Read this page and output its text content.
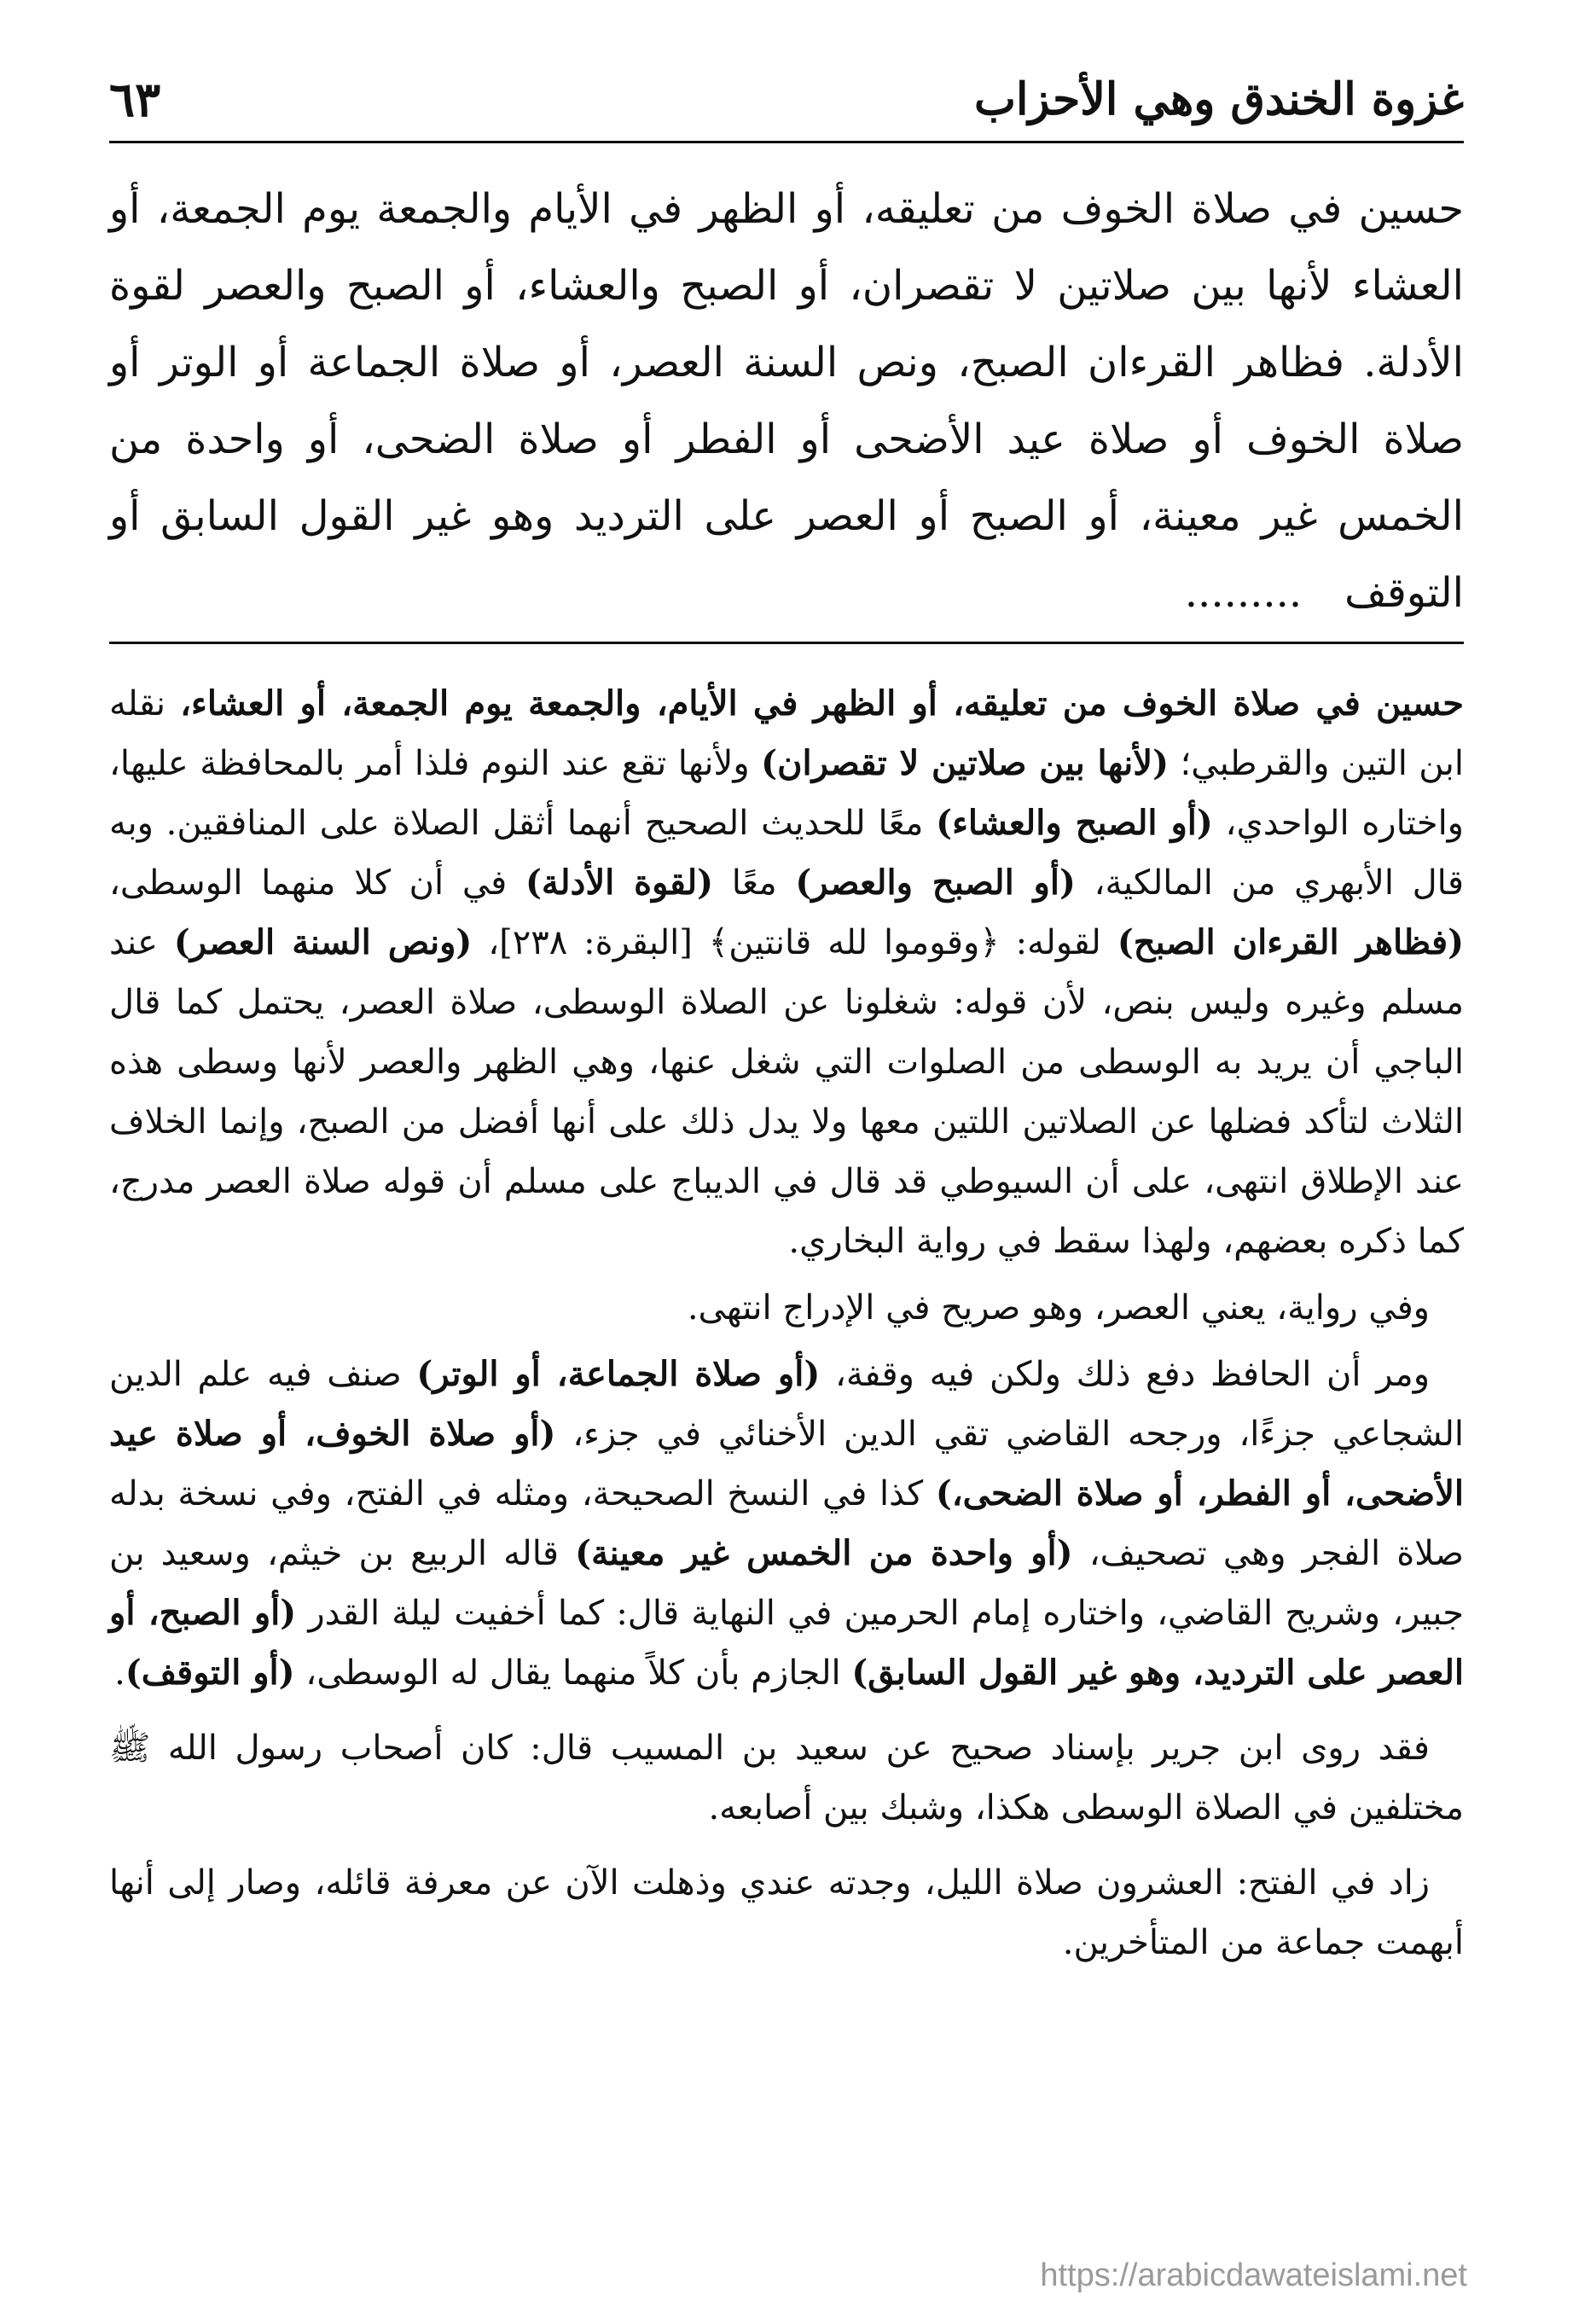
غزوة الخندق وهي الأحزاب
٦٣
حسين في صلاة الخوف من تعليقه، أو الظهر في الأيام والجمعة يوم الجمعة، أو العشاء لأنها بين صلاتين لا تقصران، أو الصبح والعشاء، أو الصبح والعصر لقوة الأدلة. فظاهر القرءان الصبح، ونص السنة العصر، أو صلاة الجماعة أو الوتر أو صلاة الخوف أو صلاة عيد الأضحى أو الفطر أو صلاة الضحى، أو واحدة من الخمس غير معينة، أو الصبح أو العصر على الترديد وهو غير القول السابق أو التوقف.........

حسين في صلاة الخوف من تعليقه، أو الظهر في الأيام، والجمعة يوم الجمعة، أو العشاء، نقله ابن التين والقرطبي؛ (لأنها بين صلاتين لا تقصران) ولأنها تقع عند النوم فلذا أمر بالمحافظة عليها، واختاره الواحدي، (أو الصبح والعشاء) معًا للحديث الصحيح أنهما أثقل الصلاة على المنافقين. وبه قال الأبهري من المالكية، (أو الصبح والعصر) معًا (لقوة الأدلة) في أن كلا منهما الوسطى، (فظاهر القرءان الصبح) لقوله: ﴿وقوموا لله قانتين﴾ [البقرة: ٢٣٨]، (ونص السنة العصر) عند مسلم وغيره وليس بنص، لأن قوله: شغلونا عن الصلاة الوسطى، صلاة العصر، يحتمل كما قال الباجي أن يريد به الوسطى من الصلوات التي شغل عنها، وهي الظهر والعصر لأنها وسطى هذه الثلاث لتأكد فضلها عن الصلاتين اللتين معها ولا يدل ذلك على أنها أفضل من الصبح، وإنما الخلاف عند الإطلاق انتهى، على أن السيوطي قد قال في الديباج على مسلم أن قوله صلاة العصر مدرج، كما ذكره بعضهم، ولهذا سقط في رواية البخاري.

وفي رواية، يعني العصر، وهو صريح في الإدراج انتهى.

ومر أن الحافظ دفع ذلك ولكن فيه وقفة، (أو صلاة الجماعة، أو الوتر) صنف فيه علم الدين الشجاعي جزءًا، ورجحه القاضي تقي الدين الأخنائي في جزء، (أو صلاة الخوف، أو صلاة عيد الأضحى، أو الفطر، أو صلاة الضحى،) كذا في النسخ الصحيحة، ومثله في الفتح، وفي نسخة بدله صلاة الفجر وهي تصحيف، (أو واحدة من الخمس غير معينة) قاله الربيع بن خيثم، وسعيد بن جبير، وشريح القاضي، واختاره إمام الحرمين في النهاية قال: كما أخفيت ليلة القدر (أو الصبح، أو العصر على الترديد، وهو غير القول السابق) الجازم بأن كلاً منهما يقال له الوسطى، (أو التوقف).

فقد روى ابن جرير بإسناد صحيح عن سعيد بن المسيب قال: كان أصحاب رسول الله ﷺ مختلفين في الصلاة الوسطى هكذا، وشبك بين أصابعه.

زاد في الفتح: العشرون صلاة الليل، وجدته عندي وذهلت الآن عن معرفة قائله، وصار إلى أنها أبهمت جماعة من المتأخرين.

https://arabicdawateislami.net
